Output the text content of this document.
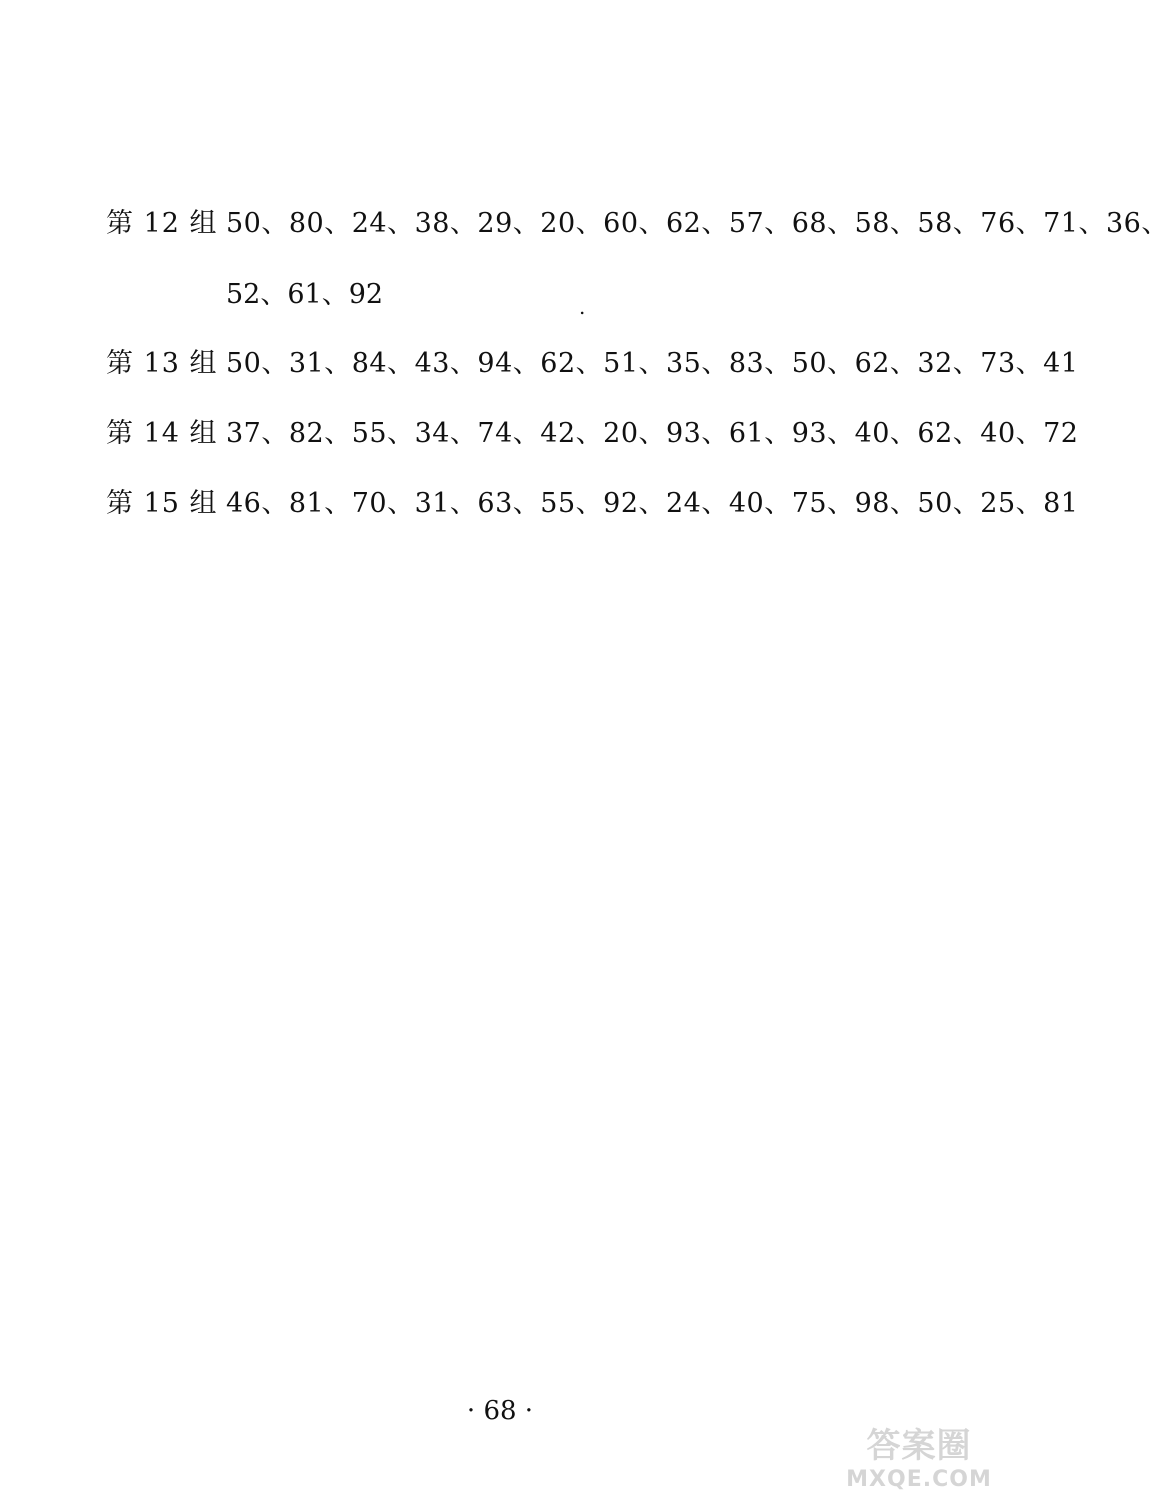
第 12 组 50、80、24、38、29、20、60、62、57、68、58、58、76、71、36、
52、61、92	.
第 13 组 50、31、84、43、94、62、51、35、83、50、62、32、73、41
第 14 组 37、82、55、34、74、42、20、93、61、93、40、62、40、72
第 15 组 46、81、70、31、63、55、92、24、40、75、98、50、25、81
· 68 ·
答案圈
MXQE.COM
